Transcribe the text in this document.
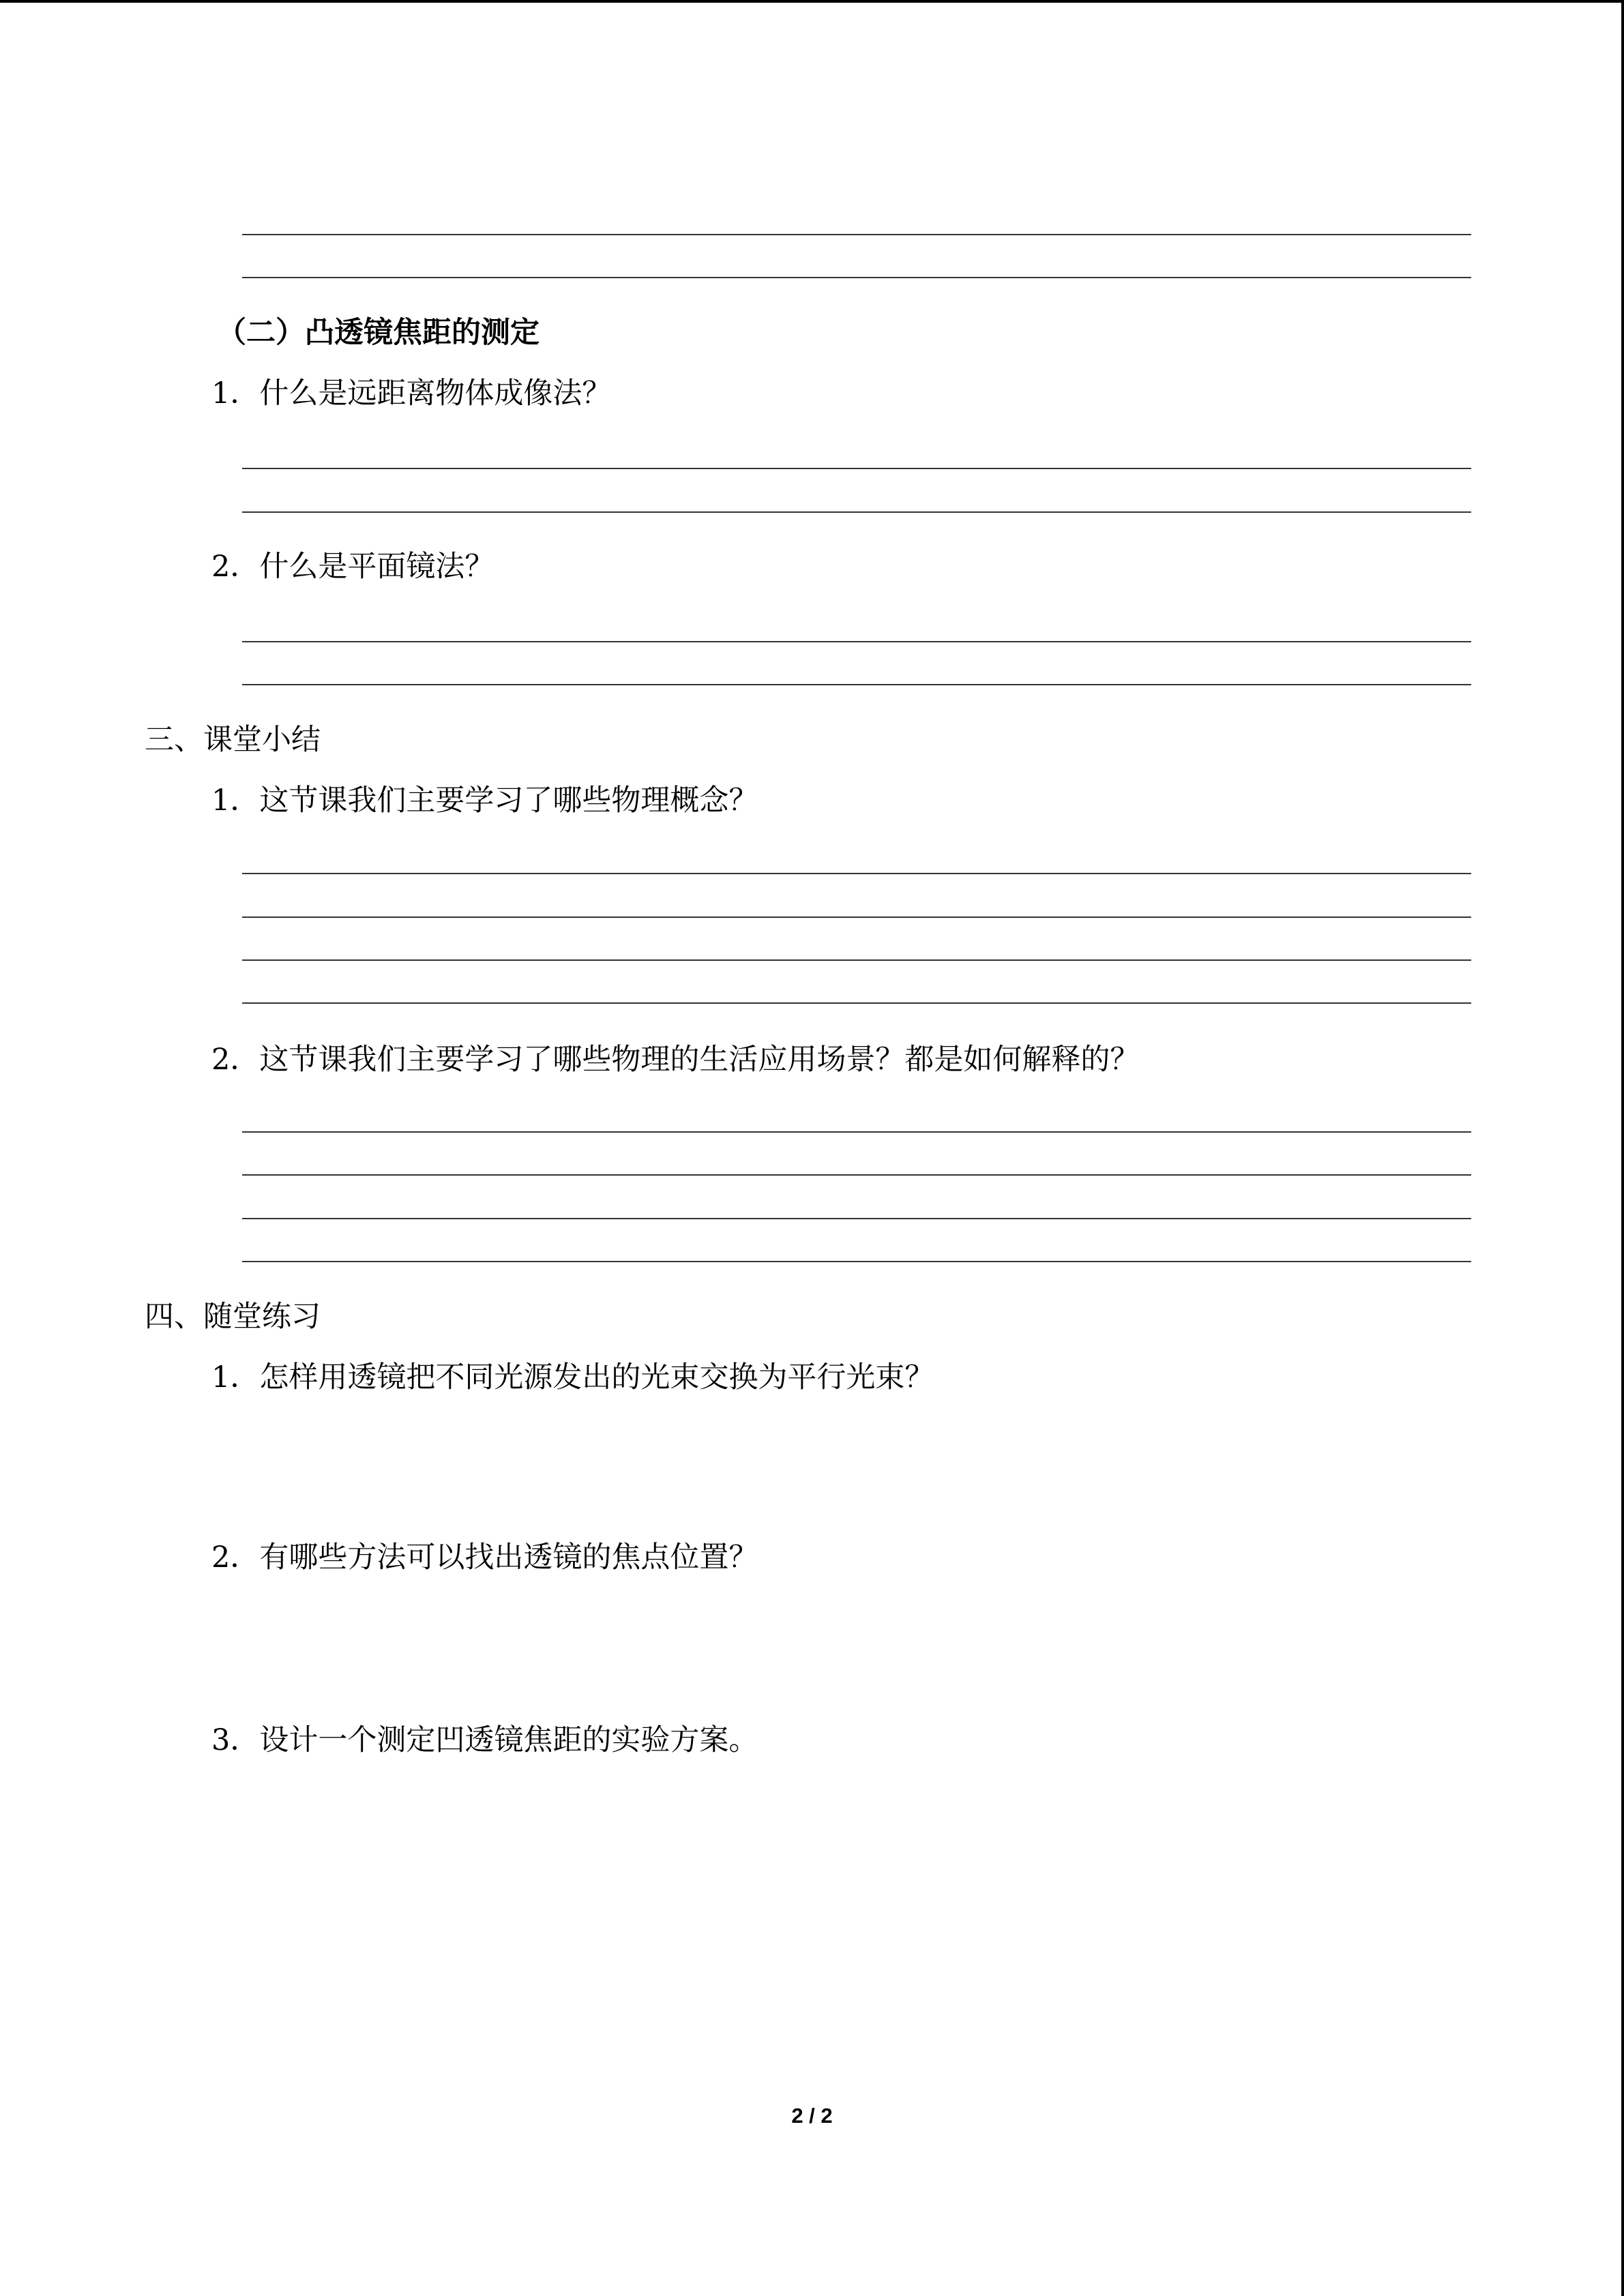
（二）凸透镜焦距的测定
1．什么是远距离物体成像法？
2．什么是平面镜法？
三、课堂小结
1．这节课我们主要学习了哪些物理概念？
2．这节课我们主要学习了哪些物理的生活应用场景？都是如何解释的？
四、随堂练习
1．怎样用透镜把不同光源发出的光束交换为平行光束？
2．有哪些方法可以找出透镜的焦点位置？
3．设计一个测定凹透镜焦距的实验方案。
2 / 2
